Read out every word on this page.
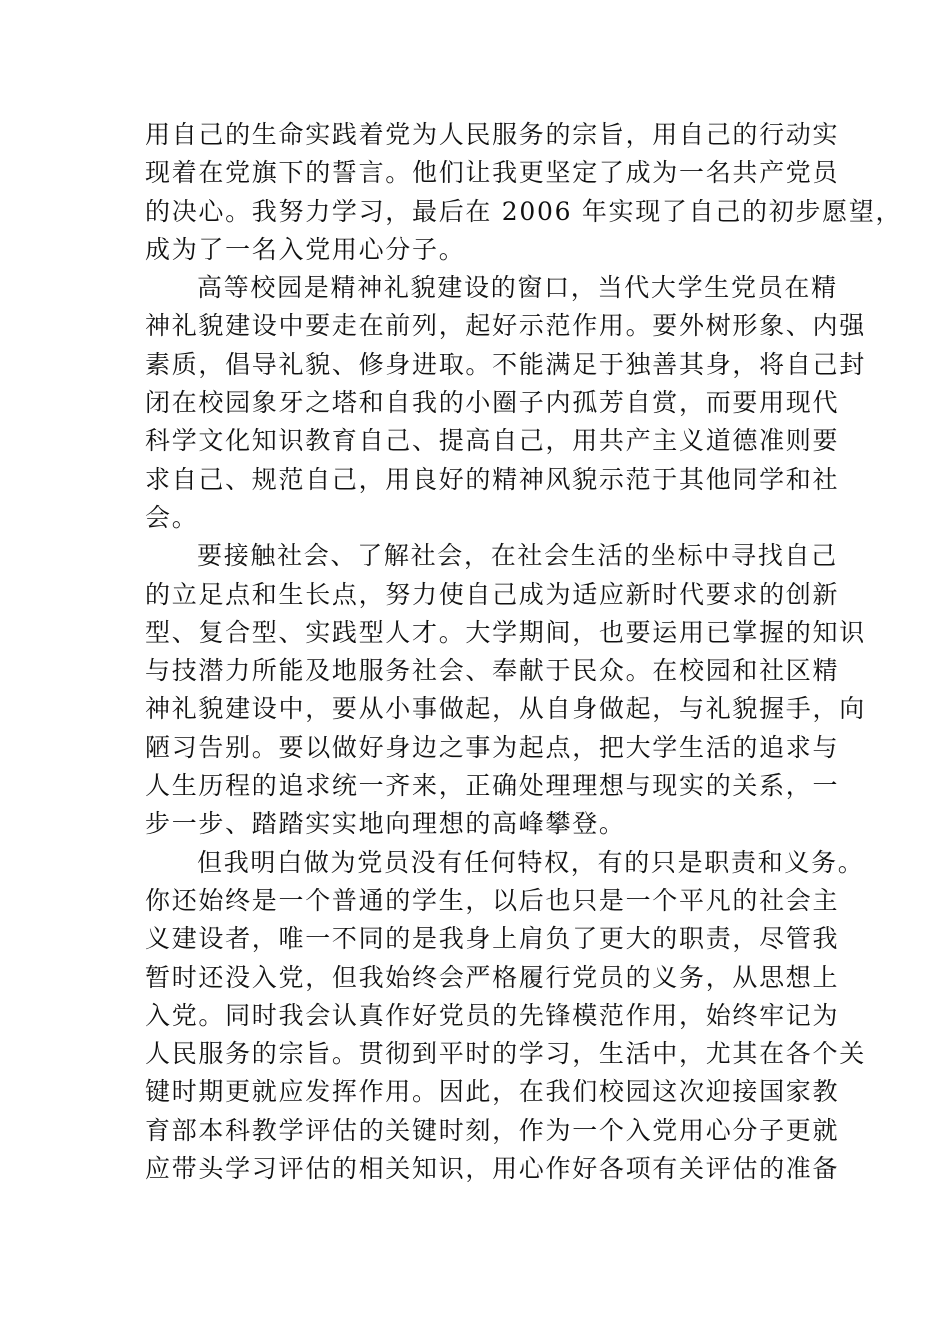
用自己的生命实践着党为人民服务的宗旨，用自己的行动实
现着在党旗下的誓言。他们让我更坚定了成为一名共产党员
的决心。我努力学习，最后在 2006 年实现了自己的初步愿望，
成为了一名入党用心分子。
高等校园是精神礼貌建设的窗口，当代大学生党员在精
神礼貌建设中要走在前列，起好示范作用。要外树形象、内强
素质，倡导礼貌、修身进取。不能满足于独善其身，将自己封
闭在校园象牙之塔和自我的小圈子内孤芳自赏，而要用现代
科学文化知识教育自己、提高自己，用共产主义道德准则要
求自己、规范自己，用良好的精神风貌示范于其他同学和社
会。
要接触社会、了解社会，在社会生活的坐标中寻找自己
的立足点和生长点，努力使自己成为适应新时代要求的创新
型、复合型、实践型人才。大学期间，也要运用已掌握的知识
与技潜力所能及地服务社会、奉献于民众。在校园和社区精
神礼貌建设中，要从小事做起，从自身做起，与礼貌握手，向
陋习告别。要以做好身边之事为起点，把大学生活的追求与
人生历程的追求统一齐来，正确处理理想与现实的关系，一
步一步、踏踏实实地向理想的高峰攀登。
但我明白做为党员没有任何特权，有的只是职责和义务。
你还始终是一个普通的学生，以后也只是一个平凡的社会主
义建设者，唯一不同的是我身上肩负了更大的职责，尽管我
暂时还没入党，但我始终会严格履行党员的义务，从思想上
入党。同时我会认真作好党员的先锋模范作用，始终牢记为
人民服务的宗旨。贯彻到平时的学习，生活中，尤其在各个关
键时期更就应发挥作用。因此，在我们校园这次迎接国家教
育部本科教学评估的关键时刻，作为一个入党用心分子更就
应带头学习评估的相关知识，用心作好各项有关评估的准备
